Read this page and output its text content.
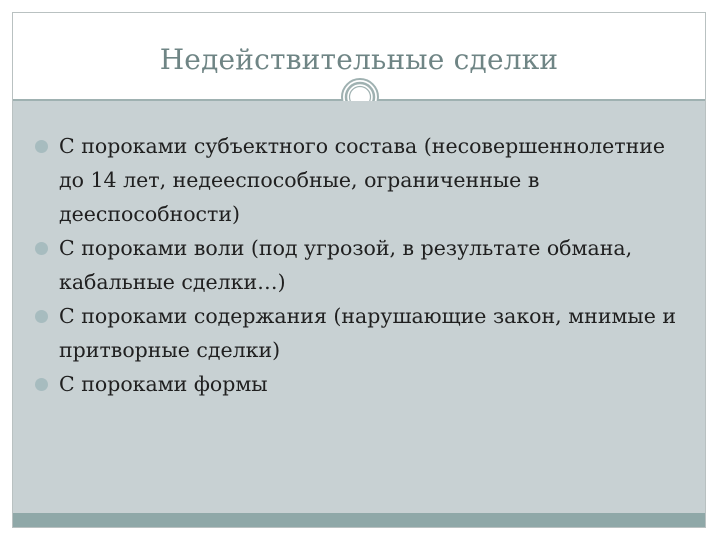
Недействительные сделки
С пороками субъектного состава (несовершеннолетние до 14 лет, недееспособные, ограниченные в дееспособности)
С пороками воли (под угрозой, в результате обмана, кабальные сделки…)
С пороками содержания (нарушающие закон, мнимые и притворные сделки)
С пороками формы
